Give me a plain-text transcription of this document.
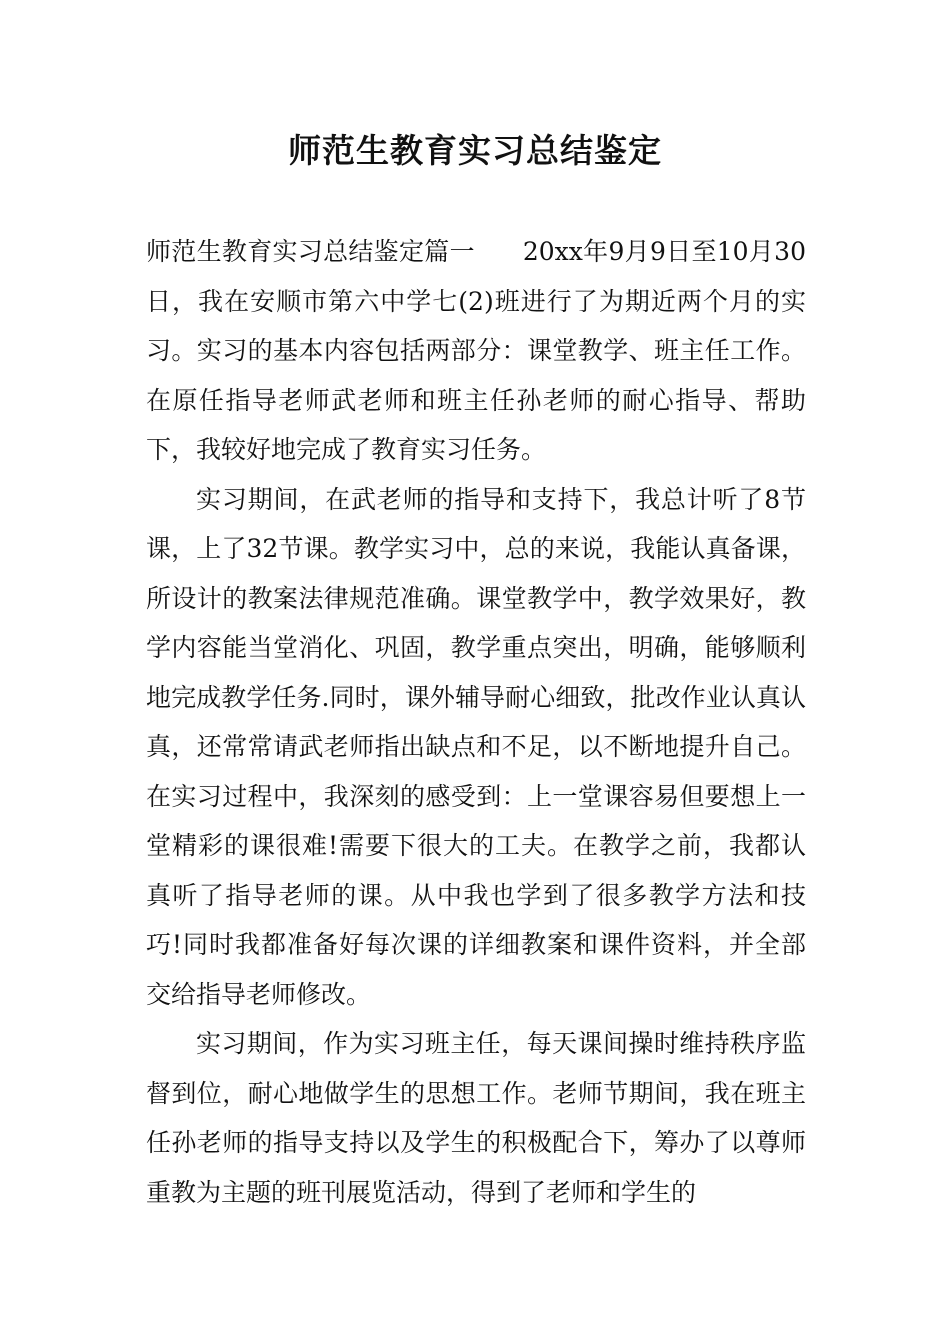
师范生教育实习总结鉴定

师范生教育实习总结鉴定篇一 20xx年9月9日至10月30日，我在安顺市第六中学七(2)班进行了为期近两个月的实习。实习的基本内容包括两部分：课堂教学、班主任工作。在原任指导老师武老师和班主任孙老师的耐心指导、帮助下，我较好地完成了教育实习任务。

实习期间，在武老师的指导和支持下，我总计听了8节课，上了32节课。教学实习中，总的来说，我能认真备课，所设计的教案法律规范准确。课堂教学中，教学效果好，教学内容能当堂消化、巩固，教学重点突出，明确，能够顺利地完成教学任务.同时，课外辅导耐心细致，批改作业认真认真，还常常请武老师指出缺点和不足，以不断地提升自己。在实习过程中，我深刻的感受到：上一堂课容易但要想上一堂精彩的课很难!需要下很大的工夫。在教学之前，我都认真听了指导老师的课。从中我也学到了很多教学方法和技巧!同时我都准备好每次课的详细教案和课件资料，并全部交给指导老师修改。

实习期间，作为实习班主任，每天课间操时维持秩序监督到位，耐心地做学生的思想工作。老师节期间，我在班主任孙老师的指导支持以及学生的积极配合下，筹办了以尊师重教为主题的班刊展览活动，得到了老师和学生的
